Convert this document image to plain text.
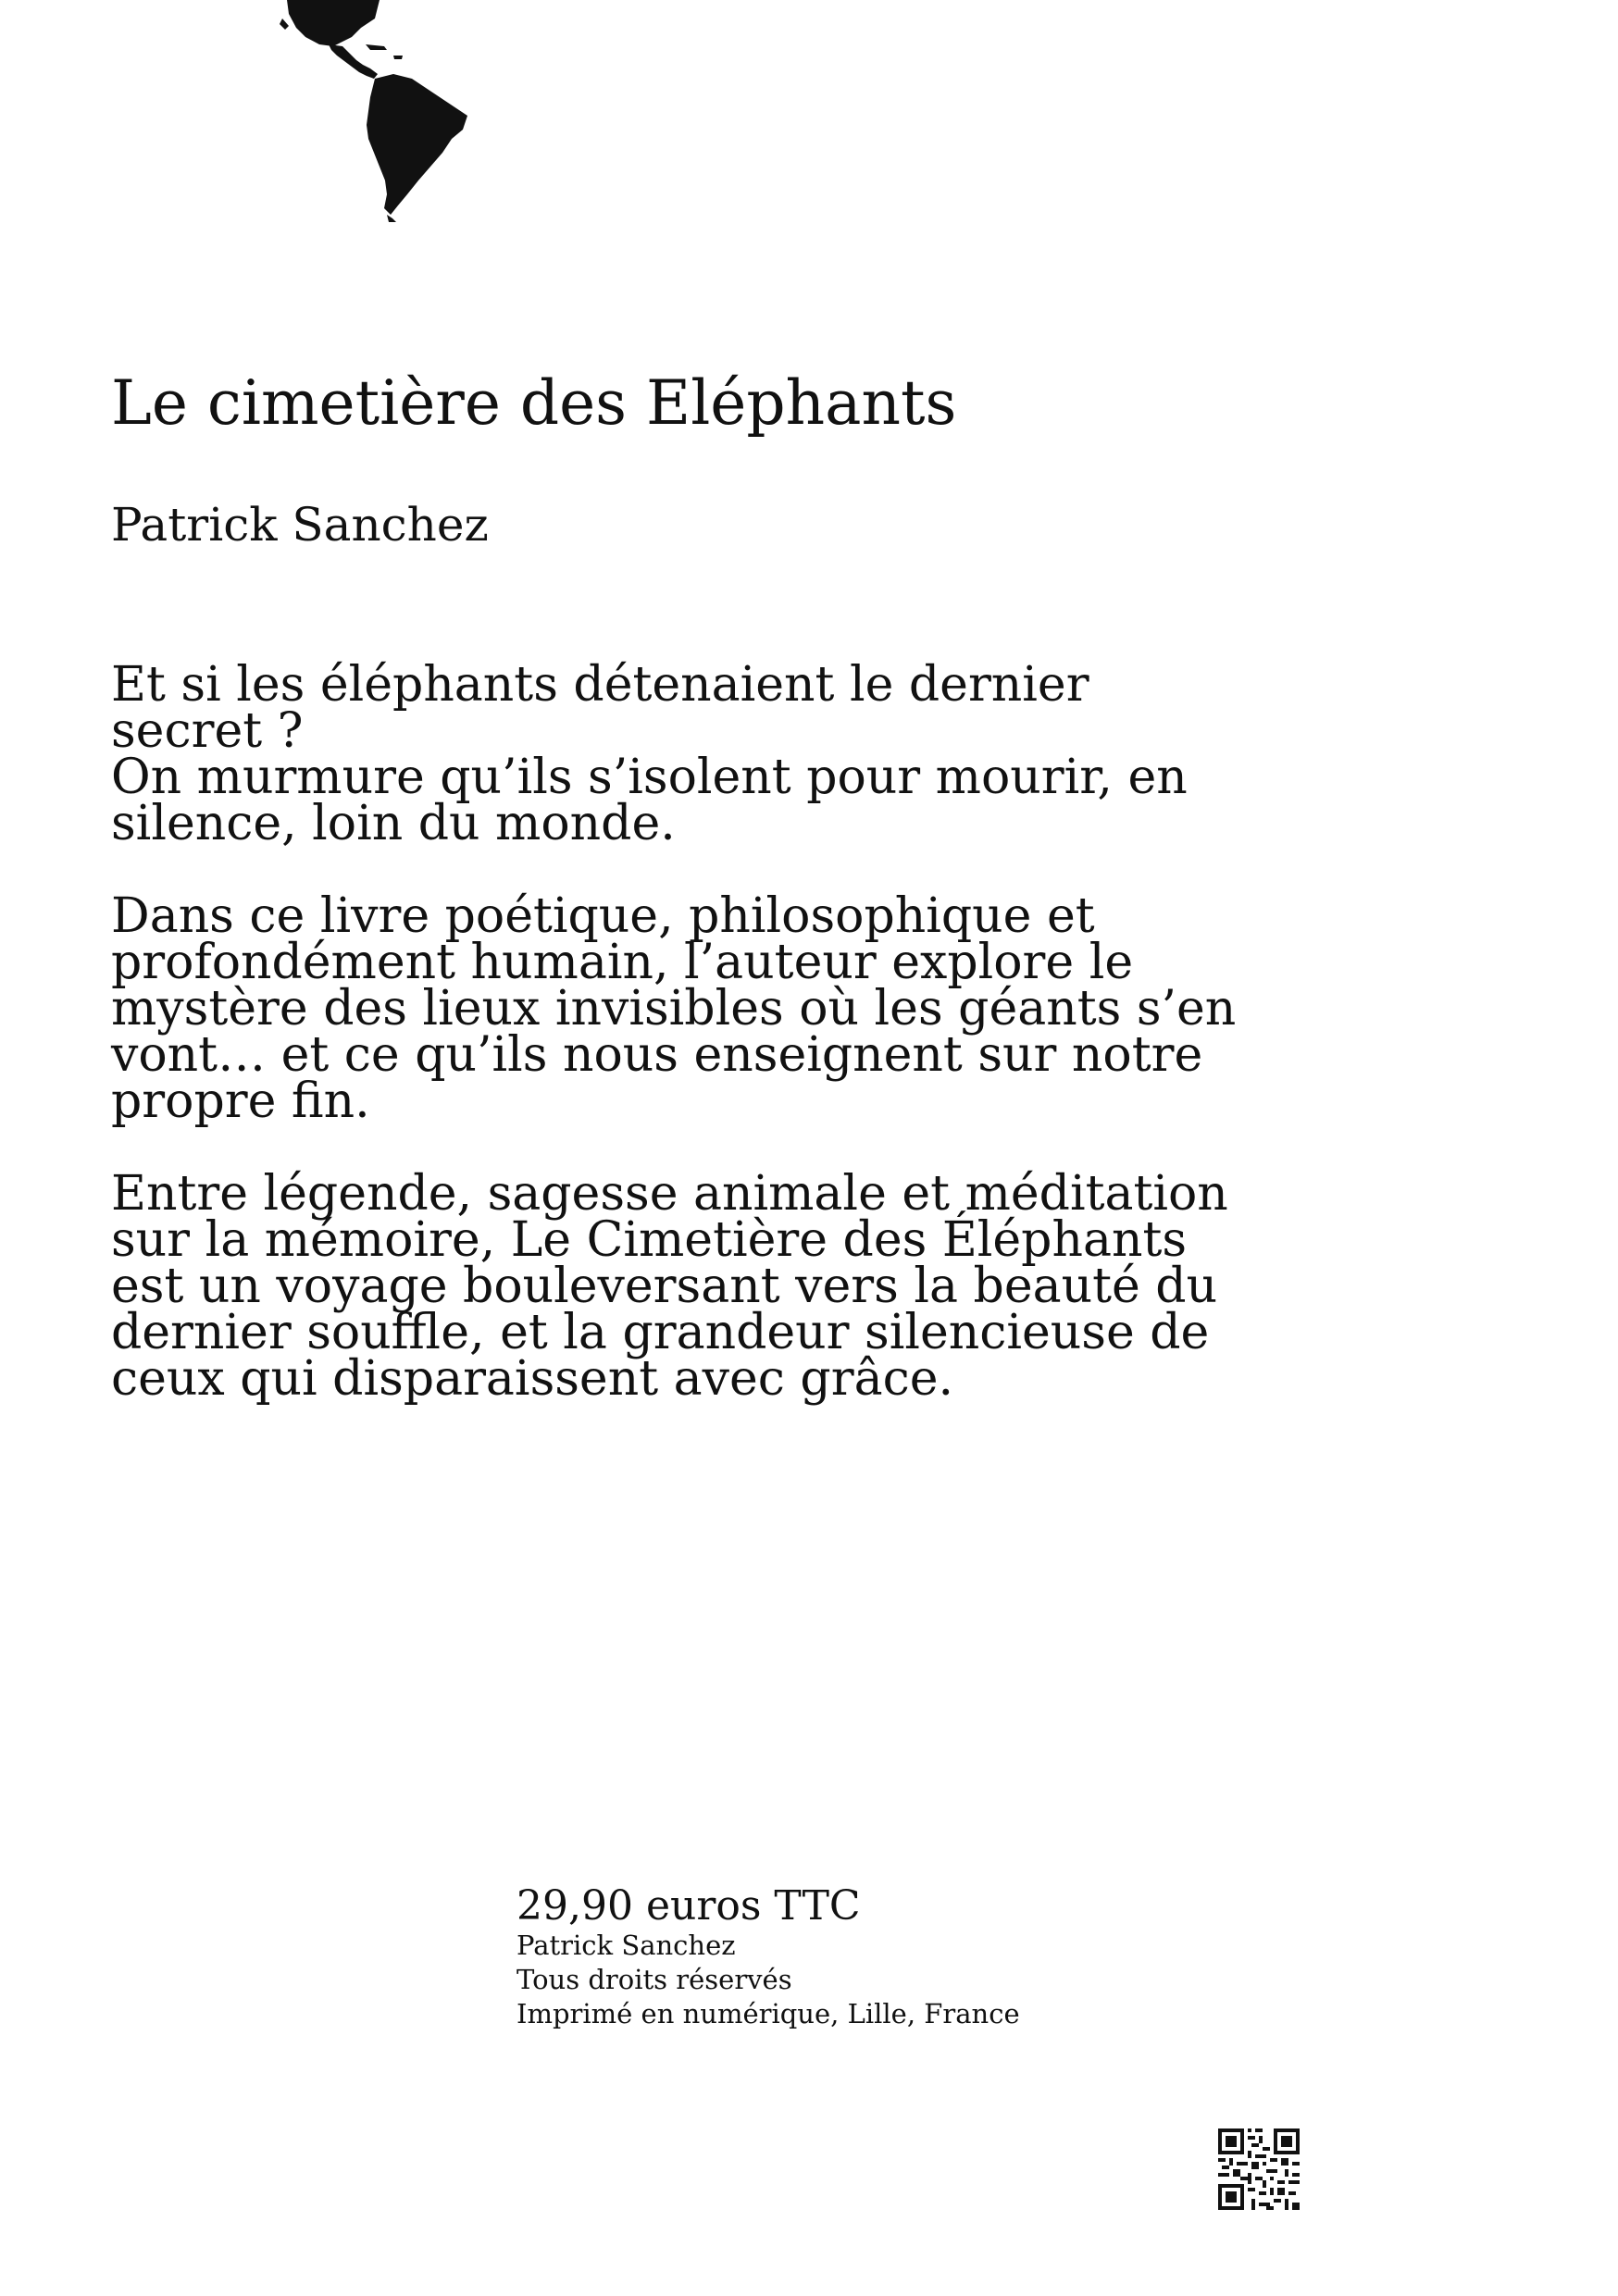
Le cimetière des Eléphants
Patrick Sanchez

Et si les éléphants détenaient le dernier
secret ?
On murmure qu’ils s’isolent pour mourir, en
silence, loin du monde.

Dans ce livre poétique, philosophique et
profondément humain, l’auteur explore le
mystère des lieux invisibles où les géants s’en
vont… et ce qu’ils nous enseignent sur notre
propre fin.

Entre légende, sagesse animale et méditation
sur la mémoire, Le Cimetière des Éléphants
est un voyage bouleversant vers la beauté du
dernier souffle, et la grandeur silencieuse de
ceux qui disparaissent avec grâce.

29,90 euros TTC
Patrick Sanchez
Tous droits réservés
Imprimé en numérique, Lille, France
